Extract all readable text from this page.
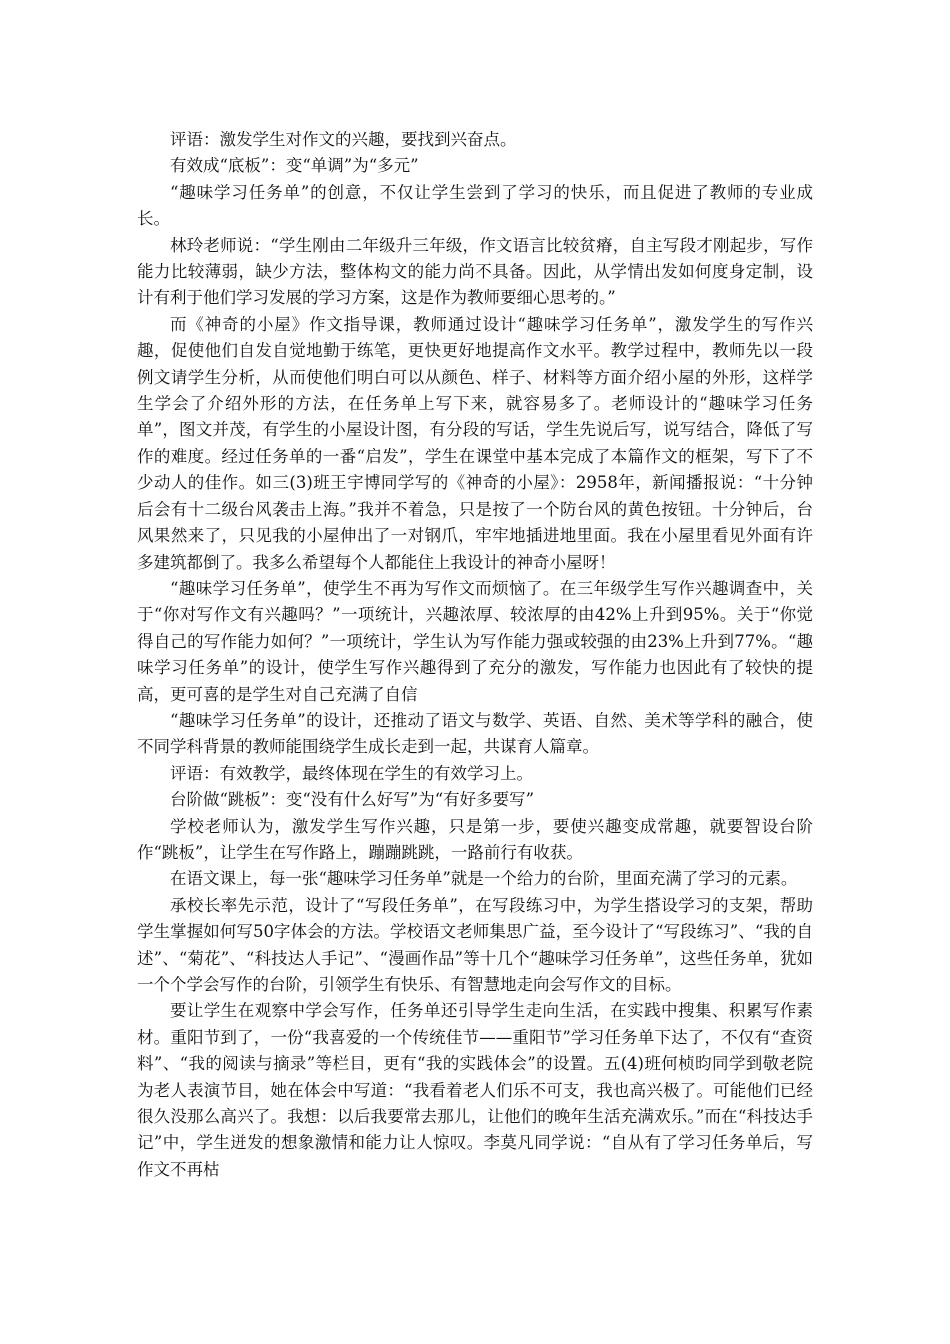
评语：激发学生对作文的兴趣，要找到兴奋点。

有效成“底板”：变“单调”为“多元”

“趣味学习任务单”的创意，不仅让学生尝到了学习的快乐，而且促进了教师的专业成长。

林玲老师说：“学生刚由二年级升三年级，作文语言比较贫瘠，自主写段才刚起步，写作能力比较薄弱，缺少方法，整体构文的能力尚不具备。因此，从学情出发如何度身定制，设计有利于他们学习发展的学习方案，这是作为教师要细心思考的。”

而《神奇的小屋》作文指导课，教师通过设计“趣味学习任务单”，激发学生的写作兴趣，促使他们自发自觉地勤于练笔，更快更好地提高作文水平。教学过程中，教师先以一段例文请学生分析，从而使他们明白可以从颜色、样子、材料等方面介绍小屋的外形，这样学生学会了介绍外形的方法，在任务单上写下来，就容易多了。老师设计的“趣味学习任务单”，图文并茂，有学生的小屋设计图，有分段的写话，学生先说后写，说写结合，降低了写作的难度。经过任务单的一番“启发”，学生在课堂中基本完成了本篇作文的框架，写下了不少动人的佳作。如三(3)班王宇博同学写的《神奇的小屋》：2958年，新闻播报说：“十分钟后会有十二级台风袭击上海。”我并不着急，只是按了一个防台风的黄色按钮。十分钟后，台风果然来了，只见我的小屋伸出了一对钢爪，牢牢地插进地里面。我在小屋里看见外面有许多建筑都倒了。我多么希望每个人都能住上我设计的神奇小屋呀！

“趣味学习任务单”，使学生不再为写作文而烦恼了。在三年级学生写作兴趣调查中，关于“你对写作文有兴趣吗？”一项统计，兴趣浓厚、较浓厚的由42%上升到95%。关于“你觉得自己的写作能力如何？”一项统计，学生认为写作能力强或较强的由23%上升到77%。“趣味学习任务单”的设计，使学生写作兴趣得到了充分的激发，写作能力也因此有了较快的提高，更可喜的是学生对自己充满了自信

“趣味学习任务单”的设计，还推动了语文与数学、英语、自然、美术等学科的融合，使不同学科背景的教师能围绕学生成长走到一起，共谋育人篇章。

评语：有效教学，最终体现在学生的有效学习上。

台阶做“跳板”：变“没有什么好写”为“有好多要写”

学校老师认为，激发学生写作兴趣，只是第一步，要使兴趣变成常趣，就要智设台阶作“跳板”，让学生在写作路上，蹦蹦跳跳，一路前行有收获。

在语文课上，每一张“趣味学习任务单”就是一个给力的台阶，里面充满了学习的元素。

承校长率先示范，设计了“写段任务单”，在写段练习中，为学生搭设学习的支架，帮助学生掌握如何写50字体会的方法。学校语文老师集思广益，至今设计了“写段练习”、“我的自述”、“菊花”、“科技达人手记”、“漫画作品”等十几个“趣味学习任务单”，这些任务单，犹如一个个学会写作的台阶，引领学生有快乐、有智慧地走向会写作文的目标。

要让学生在观察中学会写作，任务单还引导学生走向生活，在实践中搜集、积累写作素材。重阳节到了，一份“我喜爱的一个传统佳节——重阳节”学习任务单下达了，不仅有“查资料”、“我的阅读与摘录”等栏目，更有“我的实践体会”的设置。五(4)班何桢昀同学到敬老院为老人表演节目，她在体会中写道：“我看着老人们乐不可支，我也高兴极了。可能他们已经很久没那么高兴了。我想：以后我要常去那儿，让他们的晚年生活充满欢乐。”而在“科技达手记”中，学生迸发的想象激情和能力让人惊叹。李莫凡同学说：“自从有了学习任务单后，写作文不再枯
